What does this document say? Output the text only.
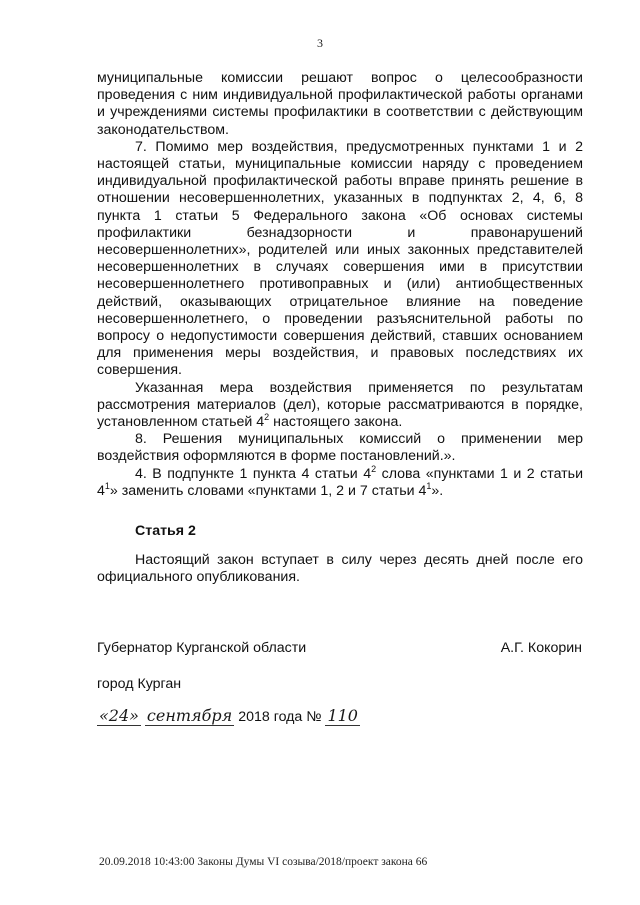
3

муниципальные комиссии решают вопрос о целесообразности проведения с ним индивидуальной профилактической работы органами и учреждениями системы профилактики в соответствии с действующим законодательством.

7. Помимо мер воздействия, предусмотренных пунктами 1 и 2 настоящей статьи, муниципальные комиссии наряду с проведением индивидуальной профилактической работы вправе принять решение в отношении несовершеннолетних, указанных в подпунктах 2, 4, 6, 8 пункта 1 статьи 5 Федерального закона «Об основах системы профилактики безнадзорности и правонарушений несовершеннолетних», родителей или иных законных представителей несовершеннолетних в случаях совершения ими в присутствии несовершеннолетнего противоправных и (или) антиобщественных действий, оказывающих отрицательное влияние на поведение несовершеннолетнего, о проведении разъяснительной работы по вопросу о недопустимости совершения действий, ставших основанием для применения меры воздействия, и правовых последствиях их совершения.

Указанная мера воздействия применяется по результатам рассмотрения материалов (дел), которые рассматриваются в порядке, установленном статьей $4^2$ настоящего закона.

8. Решения муниципальных комиссий о применении мер воздействия оформляются в форме постановлений.».

4. В подпункте 1 пункта 4 статьи $4^2$ слова «пунктами 1 и 2 статьи $4^1$» заменить словами «пунктами 1, 2 и 7 статьи $4^1$».

Статья 2

Настоящий закон вступает в силу через десять дней после его официального опубликования.

Губернатор Курганской области	А.Г. Кокорин
город Курган
«24» сентября 2018 года № 110
20.09.2018 10:43:00 Законы Думы VI созыва/2018/проект закона 66
